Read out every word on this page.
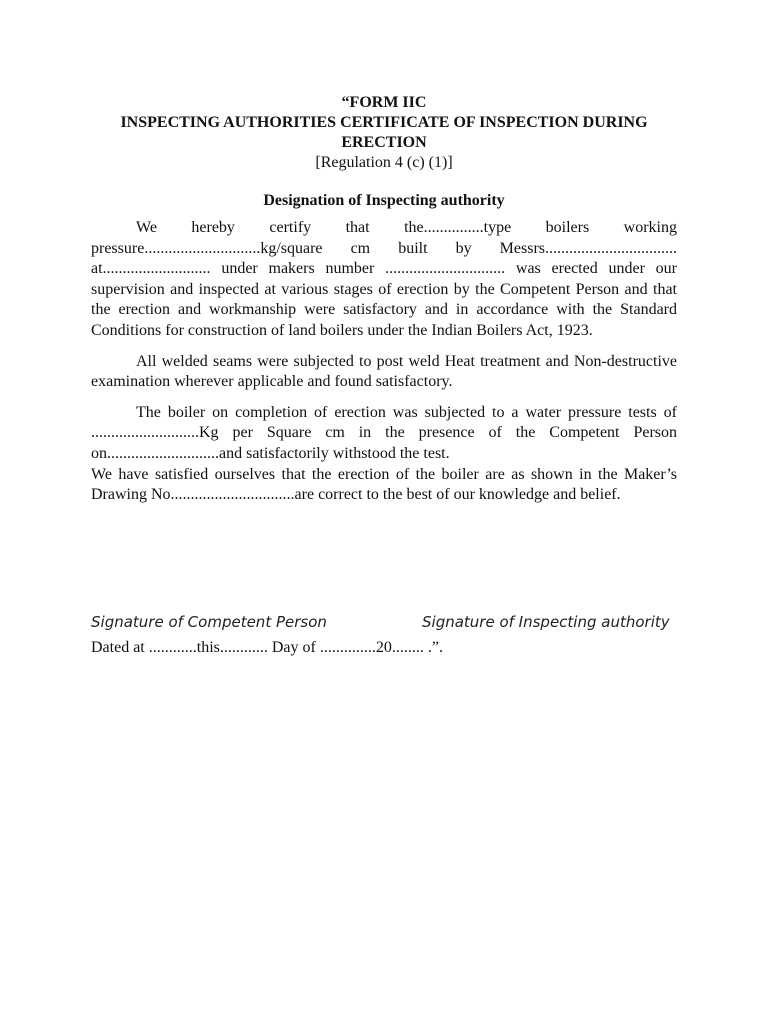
“FORM IIC
INSPECTING AUTHORITIES CERTIFICATE OF INSPECTION DURING
ERECTION
[Regulation 4 (c) (1)]
Designation of Inspecting authority

We hereby certify that the...............type boilers working pressure.............................kg/square cm built by Messrs................................. at........................... under makers number .............................. was erected under our supervision and inspected at various stages of erection by the Competent Person and that the erection and workmanship were satisfactory and in accordance with the Standard Conditions for construction of land boilers under the Indian Boilers Act, 1923.

All welded seams were subjected to post weld Heat treatment and Non-destructive examination wherever applicable and found satisfactory.

The boiler on completion of erection was subjected to a water pressure tests of ...........................Kg per Square cm in the presence of the Competent Person on............................and satisfactorily withstood the test.

We have satisfied ourselves that the erection of the boiler are as shown in the Maker’s Drawing No...............................are correct to the best of our knowledge and belief.

Signature of Competent Person	Signature of Inspecting authority
Dated at ............this............ Day of ..............20........ .”.
